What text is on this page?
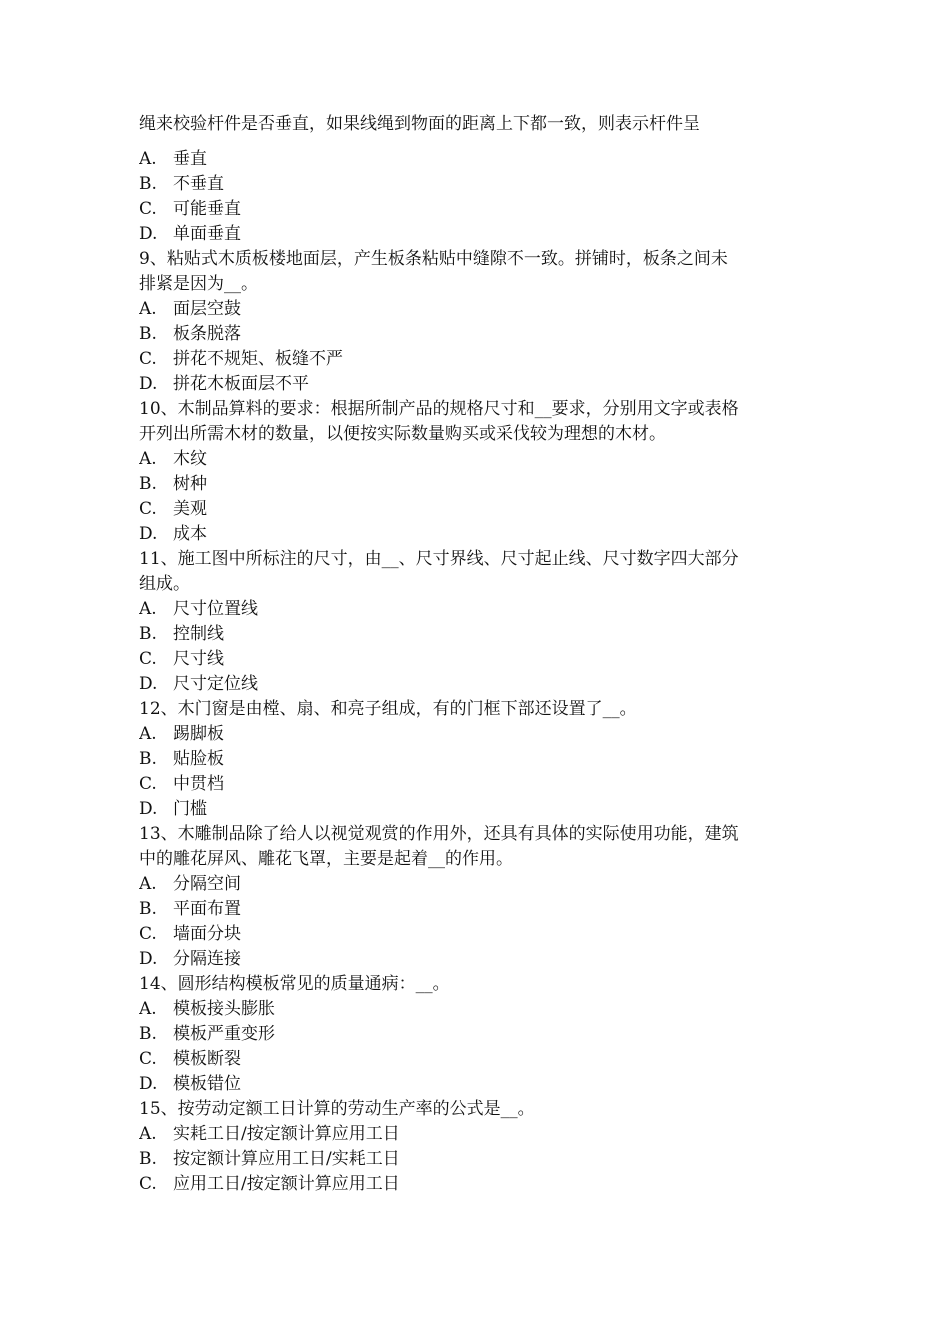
绳来校验杆件是否垂直，如果线绳到物面的距离上下都一致，则表示杆件呈
A. 垂直
B. 不垂直
C. 可能垂直
D. 单面垂直
9、粘贴式木质板楼地面层，产生板条粘贴中缝隙不一致。拼铺时，板条之间未
排紧是因为__。
A. 面层空鼓
B. 板条脱落
C. 拼花不规矩、板缝不严
D. 拼花木板面层不平
10、木制品算料的要求：根据所制产品的规格尺寸和__要求，分别用文字或表格
开列出所需木材的数量，以便按实际数量购买或采伐较为理想的木材。
A. 木纹
B. 树种
C. 美观
D. 成本
11、施工图中所标注的尺寸，由__、尺寸界线、尺寸起止线、尺寸数字四大部分
组成。
A. 尺寸位置线
B. 控制线
C. 尺寸线
D. 尺寸定位线
12、木门窗是由樘、扇、和亮子组成，有的门框下部还设置了__。
A. 踢脚板
B. 贴脸板
C. 中贯档
D. 门槛
13、木雕制品除了给人以视觉观赏的作用外，还具有具体的实际使用功能，建筑
中的雕花屏风、雕花飞罩，主要是起着__的作用。
A. 分隔空间
B. 平面布置
C. 墙面分块
D. 分隔连接
14、圆形结构模板常见的质量通病：__。
A. 模板接头膨胀
B. 模板严重变形
C. 模板断裂
D. 模板错位
15、按劳动定额工日计算的劳动生产率的公式是__。
A. 实耗工日/按定额计算应用工日
B. 按定额计算应用工日/实耗工日
C. 应用工日/按定额计算应用工日
